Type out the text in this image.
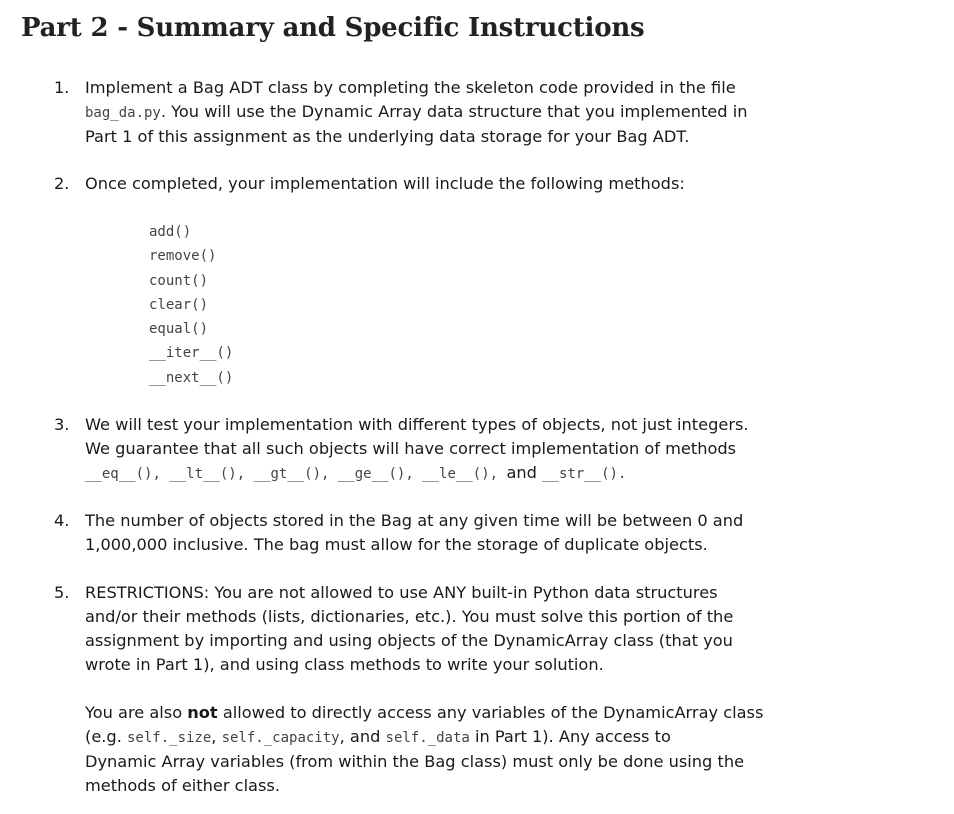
Part 2 - Summary and Specific Instructions
1. Implement a Bag ADT class by completing the skeleton code provided in the file
bag_da.py. You will use the Dynamic Array data structure that you implemented in
Part 1 of this assignment as the underlying data storage for your Bag ADT.
2. Once completed, your implementation will include the following methods:
add()
remove()
count()
clear()
equal()
__iter__()
__next__()
3. We will test your implementation with different types of objects, not just integers.
We guarantee that all such objects will have correct implementation of methods
__eq__(), __lt__(), __gt__(), __ge__(), __le__(), and __str__().
4. The number of objects stored in the Bag at any given time will be between 0 and
1,000,000 inclusive. The bag must allow for the storage of duplicate objects.
5. RESTRICTIONS: You are not allowed to use ANY built-in Python data structures
and/or their methods (lists, dictionaries, etc.). You must solve this portion of the
assignment by importing and using objects of the DynamicArray class (that you
wrote in Part 1), and using class methods to write your solution.

You are also not allowed to directly access any variables of the DynamicArray class
(e.g. self._size, self._capacity, and self._data in Part 1). Any access to
Dynamic Array variables (from within the Bag class) must only be done using the
methods of either class.
